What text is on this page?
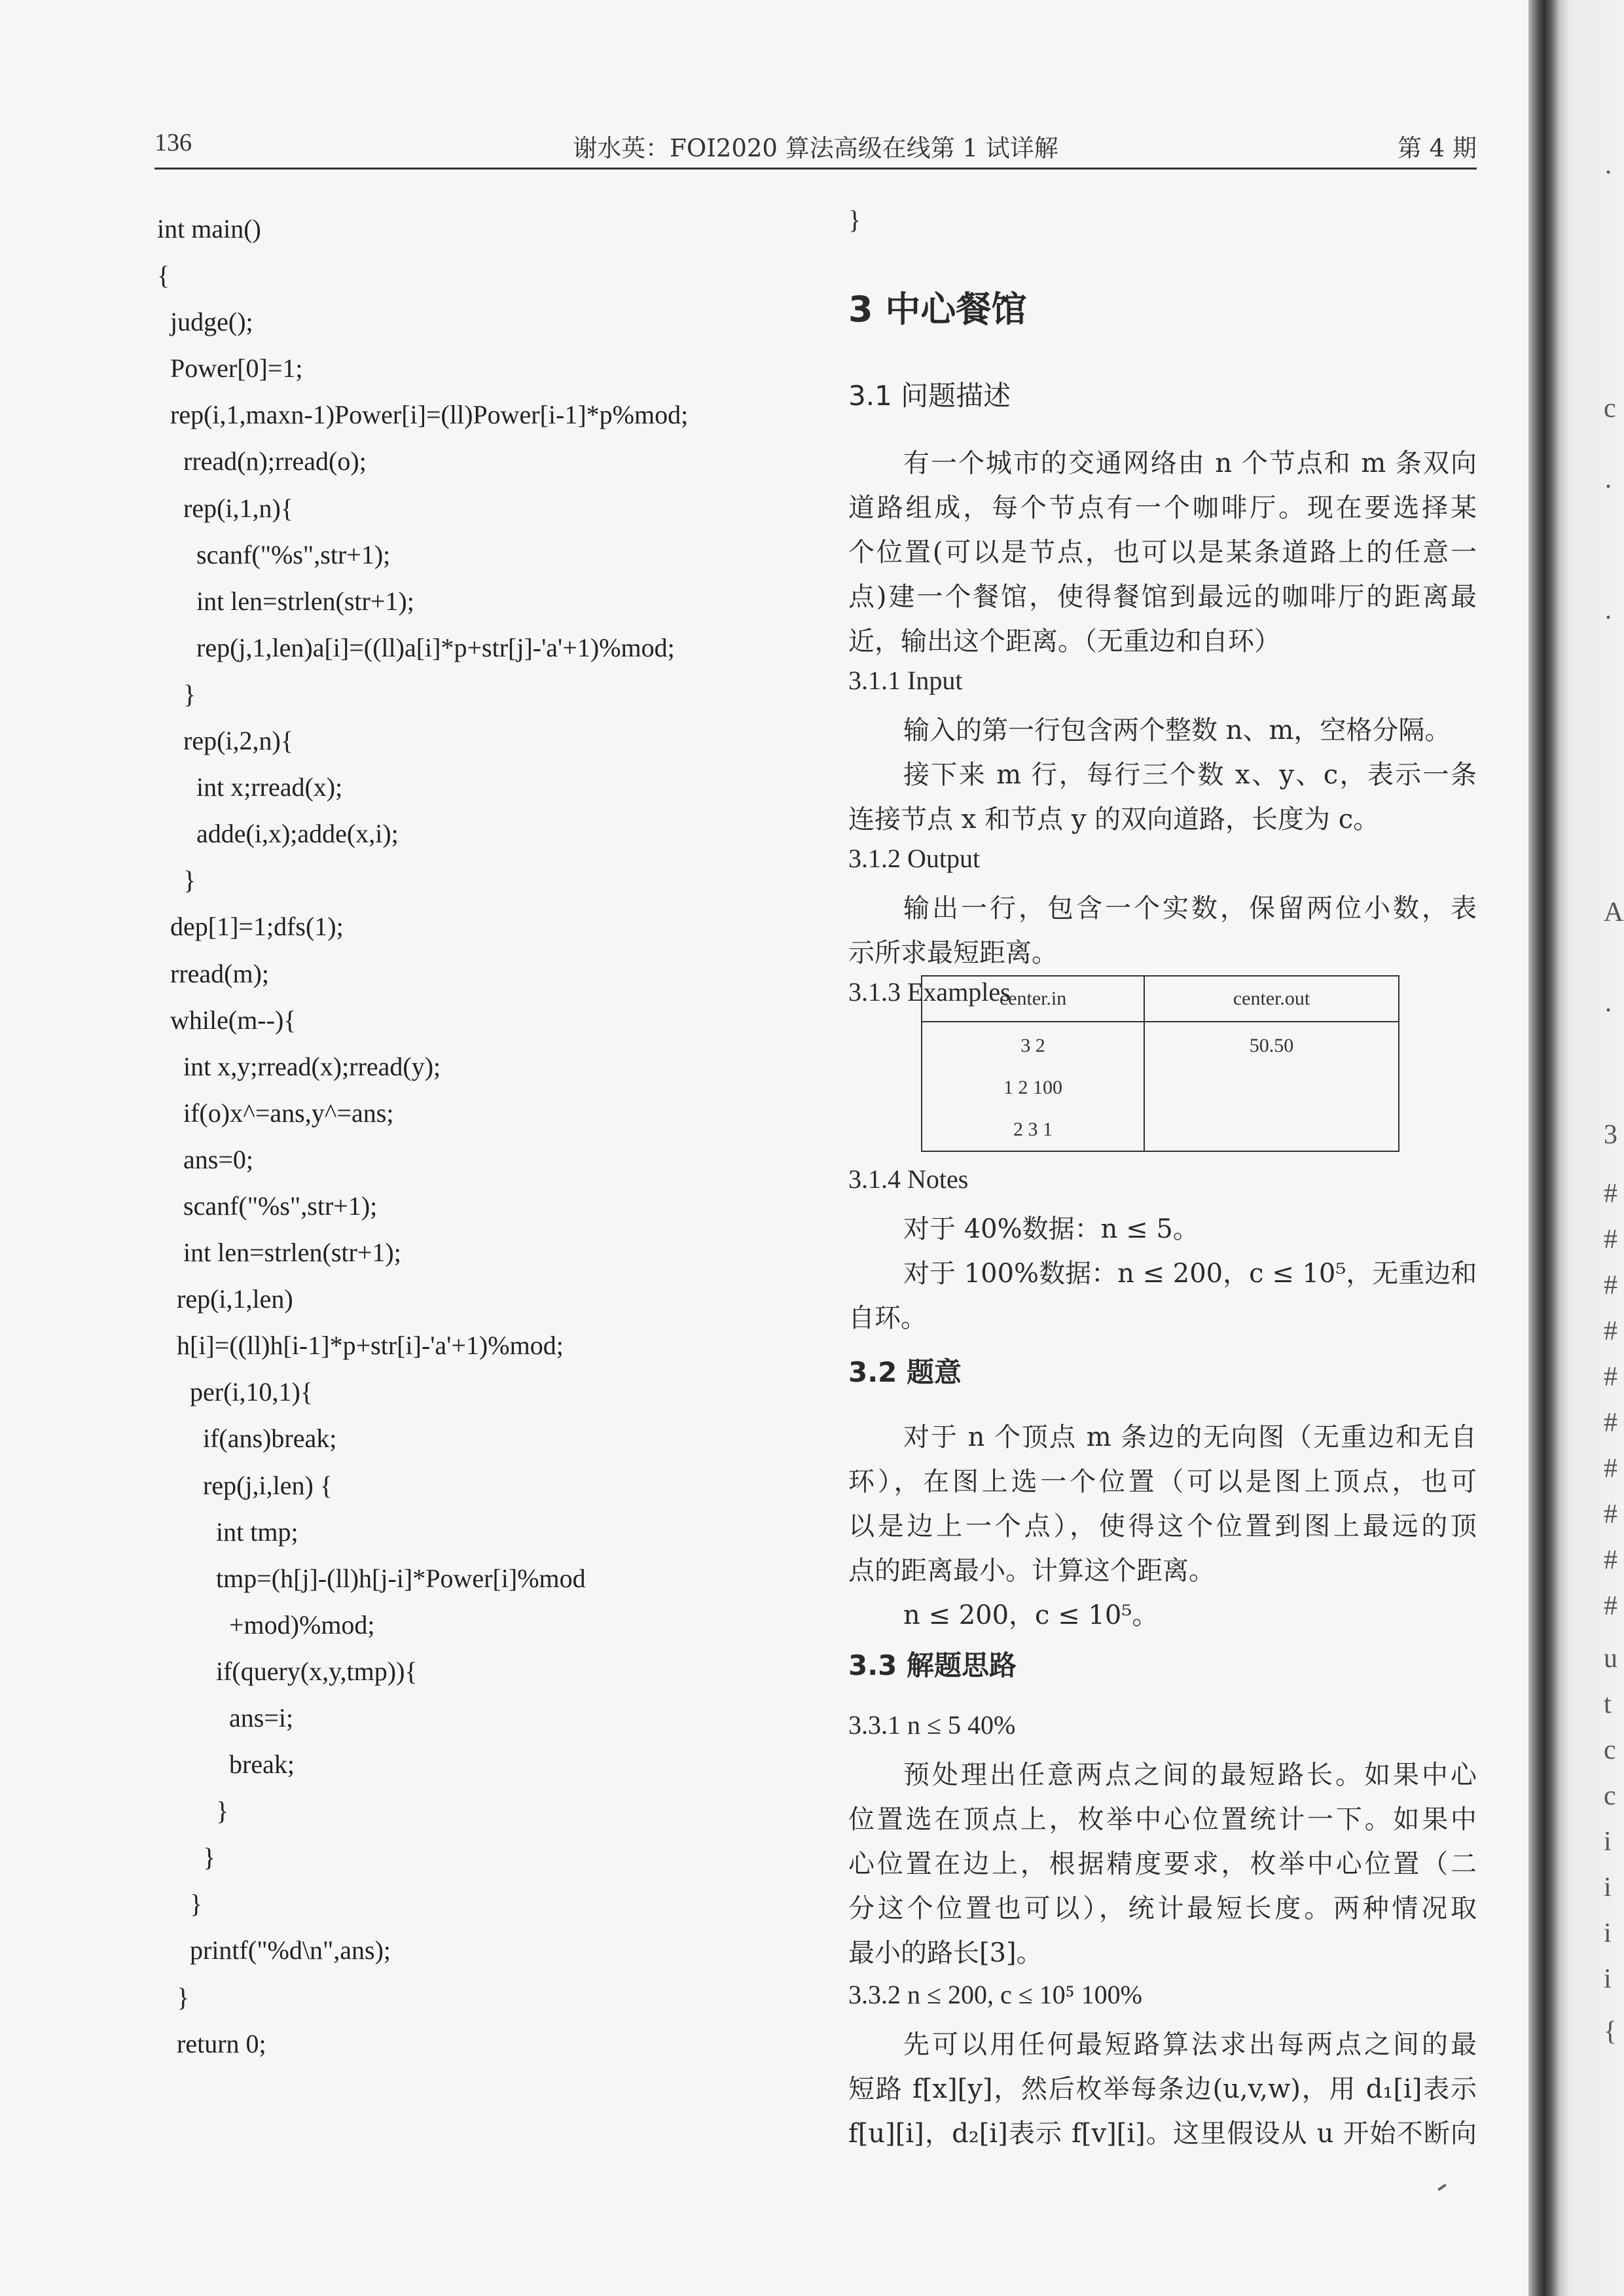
136	谢水英：FOI2020 算法高级在线第 1 试详解	第 4 期
int main()
{
judge();
Power[0]=1;
rep(i,1,maxn-1)Power[i]=(ll)Power[i-1]*p%mod;
rread(n);rread(o);
rep(i,1,n){
scanf("%s",str+1);
int len=strlen(str+1);
rep(j,1,len)a[i]=((ll)a[i]*p+str[j]-'a'+1)%mod;
}
rep(i,2,n){
int x;rread(x);
adde(i,x);adde(x,i);
}
dep[1]=1;dfs(1);
rread(m);
while(m--){
int x,y;rread(x);rread(y);
if(o)x^=ans,y^=ans;
ans=0;
scanf("%s",str+1);
int len=strlen(str+1);
rep(i,1,len)
h[i]=((ll)h[i-1]*p+str[i]-'a'+1)%mod;
per(i,10,1){
if(ans)break;
rep(j,i,len) {
int tmp;
tmp=(h[j]-(ll)h[j-i]*Power[i]%mod
+mod)%mod;
if(query(x,y,tmp)){
ans=i;
break;
}
}
}
printf("%d\n",ans);
}
return 0;
}
3 中心餐馆
3.1 问题描述
有一个城市的交通网络由 n 个节点和 m 条双向
道路组成，每个节点有一个咖啡厅。现在要选择某
个位置(可以是节点，也可以是某条道路上的任意一
点)建一个餐馆，使得餐馆到最远的咖啡厅的距离最
近，输出这个距离。（无重边和自环）
3.1.1 Input
输入的第一行包含两个整数 n、m，空格分隔。
接下来 m 行，每行三个数 x、y、c，表示一条
连接节点 x 和节点 y 的双向道路，长度为 c。
3.1.2 Output
输出一行，包含一个实数，保留两位小数，表
示所求最短距离。
3.1.3 Examples
3.1.4 Notes
对于 40%数据：n ≤ 5。
对于 100%数据：n ≤ 200，c ≤ 10⁵，无重边和
自环。
3.2 题意
对于 n 个顶点 m 条边的无向图（无重边和无自
环），在图上选一个位置（可以是图上顶点，也可
以是边上一个点），使得这个位置到图上最远的顶
点的距离最小。计算这个距离。
n ≤ 200，c ≤ 10⁵。
3.3 解题思路
3.3.1 n ≤ 5 40%
预处理出任意两点之间的最短路长。如果中心
位置选在顶点上，枚举中心位置统计一下。如果中
心位置在边上，根据精度要求，枚举中心位置（二
分这个位置也可以），统计最短长度。两种情况取
最小的路长[3]。
3.3.2 n ≤ 200, c ≤ 10⁵ 100%
先可以用任何最短路算法求出每两点之间的最
短路 f[x][y]，然后枚举每条边(u,v,w)，用 d₁[i]表示
f[u][i]，d₂[i]表示 f[v][i]。这里假设从 u 开始不断向
center.in	center.out

3 2
1 2 100
2 3 1	50.50
·
c
·
·
A
·
3
#
#
#
#
#
#
#
#
#
#
u
t
c
c
i
i
i
i
{
